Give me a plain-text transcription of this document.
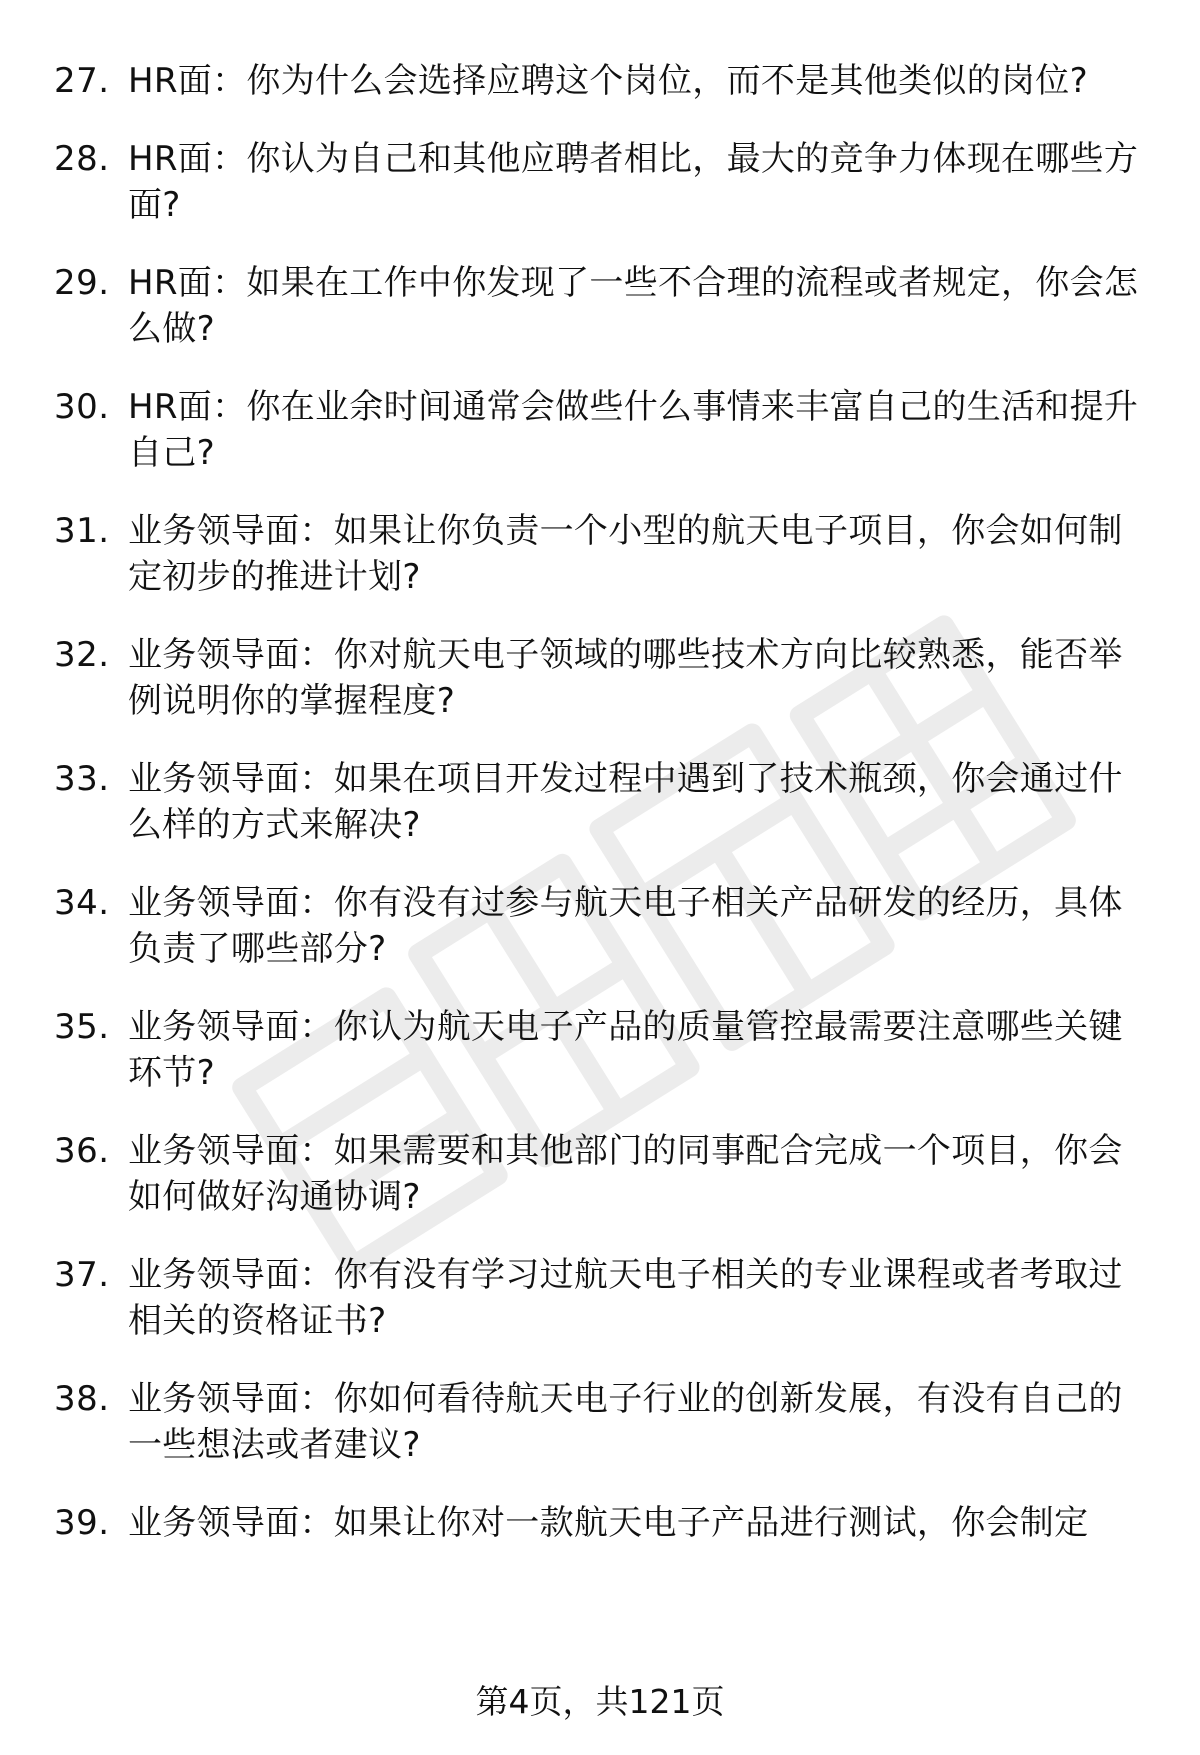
27. HR面：你为什么会选择应聘这个岗位，而不是其他类似的岗位?
28. HR面：你认为自己和其他应聘者相比，最大的竞争力体现在哪些方面?
29. HR面：如果在工作中你发现了一些不合理的流程或者规定，你会怎么做?
30. HR面：你在业余时间通常会做些什么事情来丰富自己的生活和提升自己?
31. 业务领导面：如果让你负责一个小型的航天电子项目，你会如何制定初步的推进计划?
32. 业务领导面：你对航天电子领域的哪些技术方向比较熟悉，能否举例说明你的掌握程度?
33. 业务领导面：如果在项目开发过程中遇到了技术瓶颈，你会通过什么样的方式来解决?
34. 业务领导面：你有没有过参与航天电子相关产品研发的经历，具体负责了哪些部分?
35. 业务领导面：你认为航天电子产品的质量管控最需要注意哪些关键环节?
36. 业务领导面：如果需要和其他部门的同事配合完成一个项目，你会如何做好沟通协调?
37. 业务领导面：你有没有学习过航天电子相关的专业课程或者考取过相关的资格证书?
38. 业务领导面：你如何看待航天电子行业的创新发展，有没有自己的一些想法或者建议?
39. 业务领导面：如果让你对一款航天电子产品进行测试，你会制定
第4页，共121页
